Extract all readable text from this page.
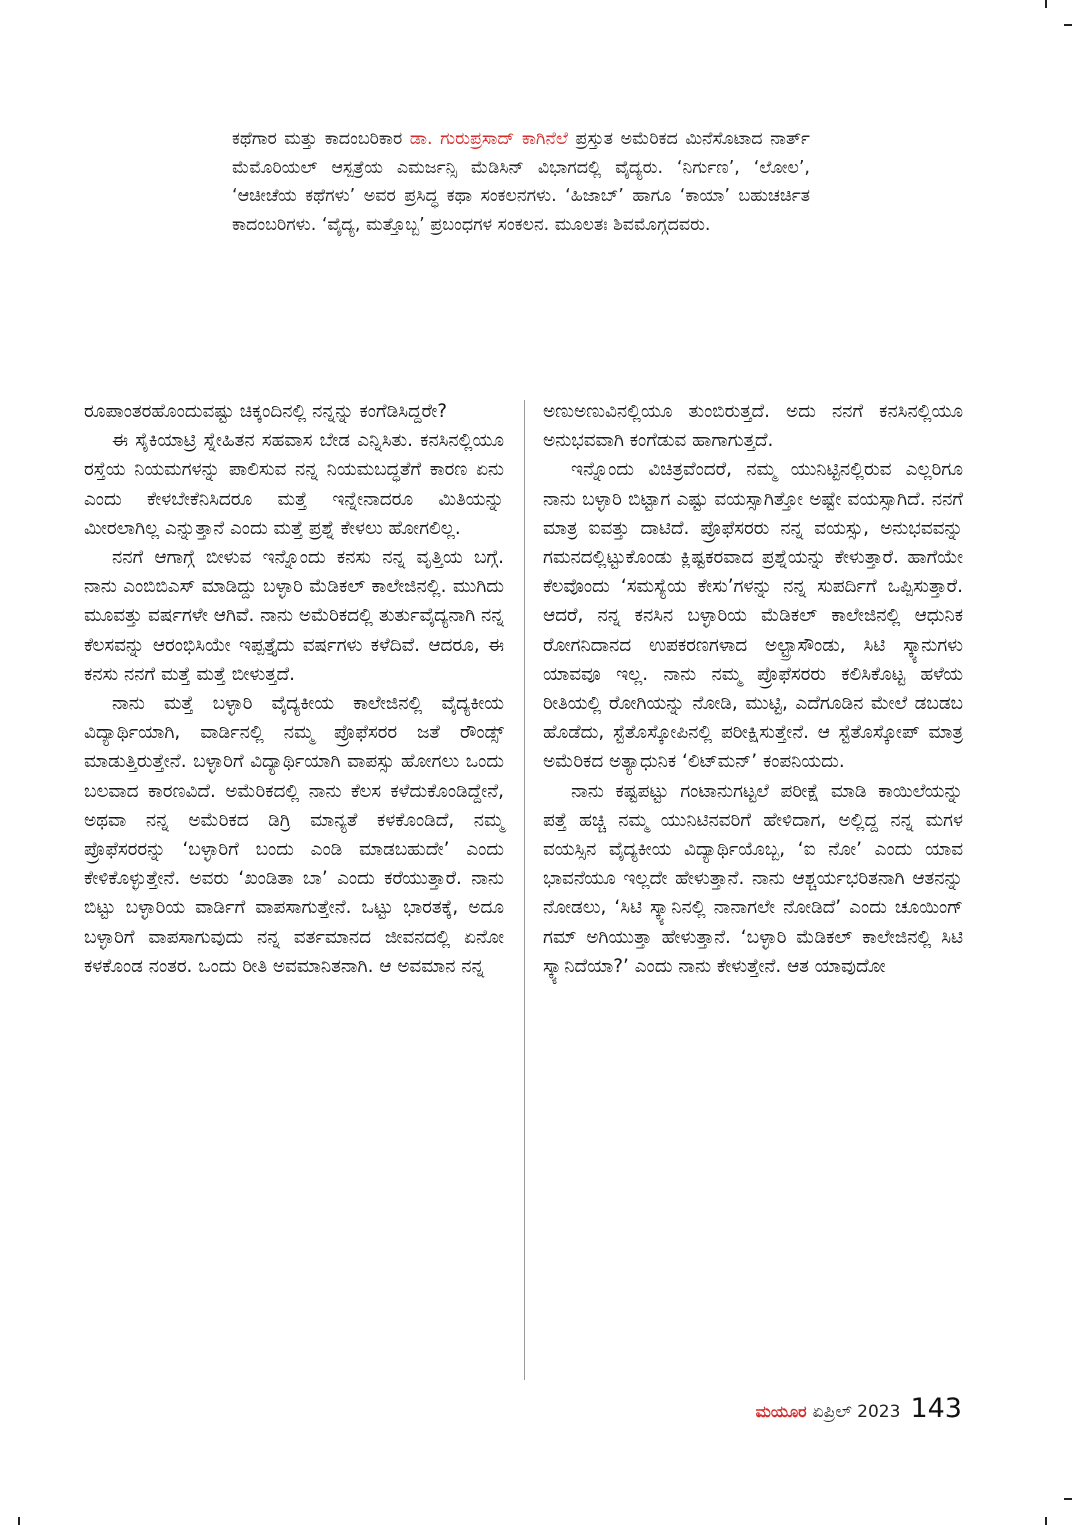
ಕಥೆಗಾರ ಮತ್ತು ಕಾದಂಬರಿಕಾರ ಡಾ. ಗುರುಪ್ರಸಾದ್ ಕಾಗಿನೆಲೆ ಪ್ರಸ್ತುತ ಅಮೆರಿಕದ ಮಿನೆಸೊಟಾದ ನಾರ್ತ್ ಮೆಮೊರಿಯಲ್ ಆಸ್ಪತ್ರೆಯ ಎಮರ್ಜನ್ಸಿ ಮೆಡಿಸಿನ್ ವಿಭಾಗದಲ್ಲಿ ವೈದ್ಯರು. ‘ನಿರ್ಗುಣ’, ‘ಲೋಲ’, ‘ಆಚೀಚೆಯ ಕಥೆಗಳು’ ಅವರ ಪ್ರಸಿದ್ಧ ಕಥಾ ಸಂಕಲನಗಳು. ‘ಹಿಜಾಬ್’ ಹಾಗೂ ‘ಕಾಯಾ’ ಬಹುಚರ್ಚಿತ ಕಾದಂಬರಿಗಳು. ‘ವೈದ್ಯ, ಮತ್ತೊಬ್ಬ’ ಪ್ರಬಂಧಗಳ ಸಂಕಲನ. ಮೂಲತಃ ಶಿವಮೊಗ್ಗದವರು.

ರೂಪಾಂತರಹೊಂದುವಷ್ಟು ಚಿಕ್ಕಂದಿನಲ್ಲಿ ನನ್ನನ್ನು ಕಂಗೆಡಿಸಿದ್ದರೇ?

ಈ ಸೈಕಿಯಾಟ್ರಿ ಸ್ನೇಹಿತನ ಸಹವಾಸ ಬೇಡ ಎನ್ನಿಸಿತು. ಕನಸಿನಲ್ಲಿಯೂ ರಸ್ತೆಯ ನಿಯಮಗಳನ್ನು ಪಾಲಿಸುವ ನನ್ನ ನಿಯಮಬದ್ಧತೆಗೆ ಕಾರಣ ಏನು ಎಂದು ಕೇಳಬೇಕೆನಿಸಿದರೂ ಮತ್ತೆ ಇನ್ನೇನಾದರೂ ಮಿತಿಯನ್ನು ಮೀರಲಾಗಿಲ್ಲ ಎನ್ನುತ್ತಾನೆ ಎಂದು ಮತ್ತೆ ಪ್ರಶ್ನೆ ಕೇಳಲು ಹೋಗಲಿಲ್ಲ.

ನನಗೆ ಆಗಾಗ್ಗೆ ಬೀಳುವ ಇನ್ನೊಂದು ಕನಸು ನನ್ನ ವೃತ್ತಿಯ ಬಗ್ಗೆ. ನಾನು ಎಂಬಿಬಿಎಸ್ ಮಾಡಿದ್ದು ಬಳ್ಳಾರಿ ಮೆಡಿಕಲ್ ಕಾಲೇಜಿನಲ್ಲಿ. ಮುಗಿದು ಮೂವತ್ತು ವರ್ಷಗಳೇ ಆಗಿವೆ. ನಾನು ಅಮೆರಿಕದಲ್ಲಿ ತುರ್ತುವೈದ್ಯನಾಗಿ ನನ್ನ ಕೆಲಸವನ್ನು ಆರಂಭಿಸಿಯೇ ಇಪ್ಪತ್ತೈದು ವರ್ಷಗಳು ಕಳೆದಿವೆ. ಆದರೂ, ಈ ಕನಸು ನನಗೆ ಮತ್ತೆ ಮತ್ತೆ ಬೀಳುತ್ತದೆ.

ನಾನು ಮತ್ತೆ ಬಳ್ಳಾರಿ ವೈದ್ಯಕೀಯ ಕಾಲೇಜಿನಲ್ಲಿ ವೈದ್ಯಕೀಯ ವಿದ್ಯಾರ್ಥಿಯಾಗಿ, ವಾರ್ಡಿನಲ್ಲಿ ನಮ್ಮ ಪ್ರೊಫೆಸರರ ಜತೆ ರೌಂಡ್ಸ್ ಮಾಡುತ್ತಿರುತ್ತೇನೆ. ಬಳ್ಳಾರಿಗೆ ವಿದ್ಯಾರ್ಥಿಯಾಗಿ ವಾಪಸ್ಸು ಹೋಗಲು ಒಂದು ಬಲವಾದ ಕಾರಣವಿದೆ. ಅಮೆರಿಕದಲ್ಲಿ ನಾನು ಕೆಲಸ ಕಳೆದುಕೊಂಡಿದ್ದೇನೆ, ಅಥವಾ ನನ್ನ ಅಮೆರಿಕದ ಡಿಗ್ರಿ ಮಾನ್ಯತೆ ಕಳಕೊಂಡಿದೆ, ನಮ್ಮ ಪ್ರೊಫೆಸರರನ್ನು ‘ಬಳ್ಳಾರಿಗೆ ಬಂದು ಎಂಡಿ ಮಾಡಬಹುದೇ’ ಎಂದು ಕೇಳಿಕೊಳ್ಳುತ್ತೇನೆ. ಅವರು ‘ಖಂಡಿತಾ ಬಾ’ ಎಂದು ಕರೆಯುತ್ತಾರೆ. ನಾನು ಬಿಟ್ಟು ಬಳ್ಳಾರಿಯ ವಾರ್ಡಿಗೆ ವಾಪಸಾಗುತ್ತೇನೆ. ಒಟ್ಟು ಭಾರತಕ್ಕೆ, ಅದೂ ಬಳ್ಳಾರಿಗೆ ವಾಪಸಾಗುವುದು ನನ್ನ ವರ್ತಮಾನದ ಜೀವನದಲ್ಲಿ ಏನೋ ಕಳಕೊಂಡ ನಂತರ. ಒಂದು ರೀತಿ ಅವಮಾನಿತನಾಗಿ. ಆ ಅವಮಾನ ನನ್ನ

ಅಣುಅಣುವಿನಲ್ಲಿಯೂ ತುಂಬಿರುತ್ತದೆ. ಅದು ನನಗೆ ಕನಸಿನಲ್ಲಿಯೂ ಅನುಭವವಾಗಿ ಕಂಗೆಡುವ ಹಾಗಾಗುತ್ತದೆ.

ಇನ್ನೊಂದು ವಿಚಿತ್ರವೆಂದರೆ, ನಮ್ಮ ಯುನಿಟ್ಟಿನಲ್ಲಿರುವ ಎಲ್ಲರಿಗೂ ನಾನು ಬಳ್ಳಾರಿ ಬಿಟ್ಟಾಗ ಎಷ್ಟು ವಯಸ್ಸಾಗಿತ್ತೋ ಅಷ್ಟೇ ವಯಸ್ಸಾಗಿದೆ. ನನಗೆ ಮಾತ್ರ ಐವತ್ತು ದಾಟಿದೆ. ಪ್ರೊಫೆಸರರು ನನ್ನ ವಯಸ್ಸು, ಅನುಭವವನ್ನು ಗಮನದಲ್ಲಿಟ್ಟುಕೊಂಡು ಕ್ಲಿಷ್ಟಕರವಾದ ಪ್ರಶ್ನೆಯನ್ನು ಕೇಳುತ್ತಾರೆ. ಹಾಗೆಯೇ ಕೆಲವೊಂದು ‘ಸಮಸ್ಯೆಯ ಕೇಸು’ಗಳನ್ನು ನನ್ನ ಸುಪರ್ದಿಗೆ ಒಪ್ಪಿಸುತ್ತಾರೆ. ಆದರೆ, ನನ್ನ ಕನಸಿನ ಬಳ್ಳಾರಿಯ ಮೆಡಿಕಲ್ ಕಾಲೇಜಿನಲ್ಲಿ ಆಧುನಿಕ ರೋಗನಿದಾನದ ಉಪಕರಣಗಳಾದ ಅಲ್ಟ್ರಾಸೌಂಡು, ಸಿಟಿ ಸ್ಕ್ಯಾನುಗಳು ಯಾವವೂ ಇಲ್ಲ. ನಾನು ನಮ್ಮ ಪ್ರೊಫೆಸರರು ಕಲಿಸಿಕೊಟ್ಟ ಹಳೆಯ ರೀತಿಯಲ್ಲಿ ರೋಗಿಯನ್ನು ನೋಡಿ, ಮುಟ್ಟಿ, ಎದೆಗೂಡಿನ ಮೇಲೆ ಡಬಡಬ ಹೊಡೆದು, ಸ್ಟೆತೊಸ್ಕೋಪಿನಲ್ಲಿ ಪರೀಕ್ಷಿಸುತ್ತೇನೆ. ಆ ಸ್ಟೆತೊಸ್ಕೋಪ್ ಮಾತ್ರ ಅಮೆರಿಕದ ಅತ್ಯಾಧುನಿಕ ‘ಲಿಟ್‌ಮನ್’ ಕಂಪನಿಯದು.

ನಾನು ಕಷ್ಟಪಟ್ಟು ಗಂಟಾನುಗಟ್ಟಲೆ ಪರೀಕ್ಷೆ ಮಾಡಿ ಕಾಯಿಲೆಯನ್ನು ಪತ್ತೆ ಹಚ್ಚಿ ನಮ್ಮ ಯುನಿಟಿನವರಿಗೆ ಹೇಳಿದಾಗ, ಅಲ್ಲಿದ್ದ ನನ್ನ ಮಗಳ ವಯಸ್ಸಿನ ವೈದ್ಯಕೀಯ ವಿದ್ಯಾರ್ಥಿಯೊಬ್ಬ, ‘ಐ ನೋ’ ಎಂದು ಯಾವ ಭಾವನೆಯೂ ಇಲ್ಲದೇ ಹೇಳುತ್ತಾನೆ. ನಾನು ಆಶ್ಚರ್ಯಭರಿತನಾಗಿ ಆತನನ್ನು ನೋಡಲು, ‘ಸಿಟಿ ಸ್ಕ್ಯಾನಿನಲ್ಲಿ ನಾನಾಗಲೇ ನೋಡಿದೆ’ ಎಂದು ಚೂಯಿಂಗ್ ಗಮ್ ಅಗಿಯುತ್ತಾ ಹೇಳುತ್ತಾನೆ. ‘ಬಳ್ಳಾರಿ ಮೆಡಿಕಲ್ ಕಾಲೇಜಿನಲ್ಲಿ ಸಿಟಿ ಸ್ಕ್ಯಾನಿದೆಯಾ?’ ಎಂದು ನಾನು ಕೇಳುತ್ತೇನೆ. ಆತ ಯಾವುದೋ

ಮಯೂರ ಏಪ್ರಿಲ್ 2023 143
